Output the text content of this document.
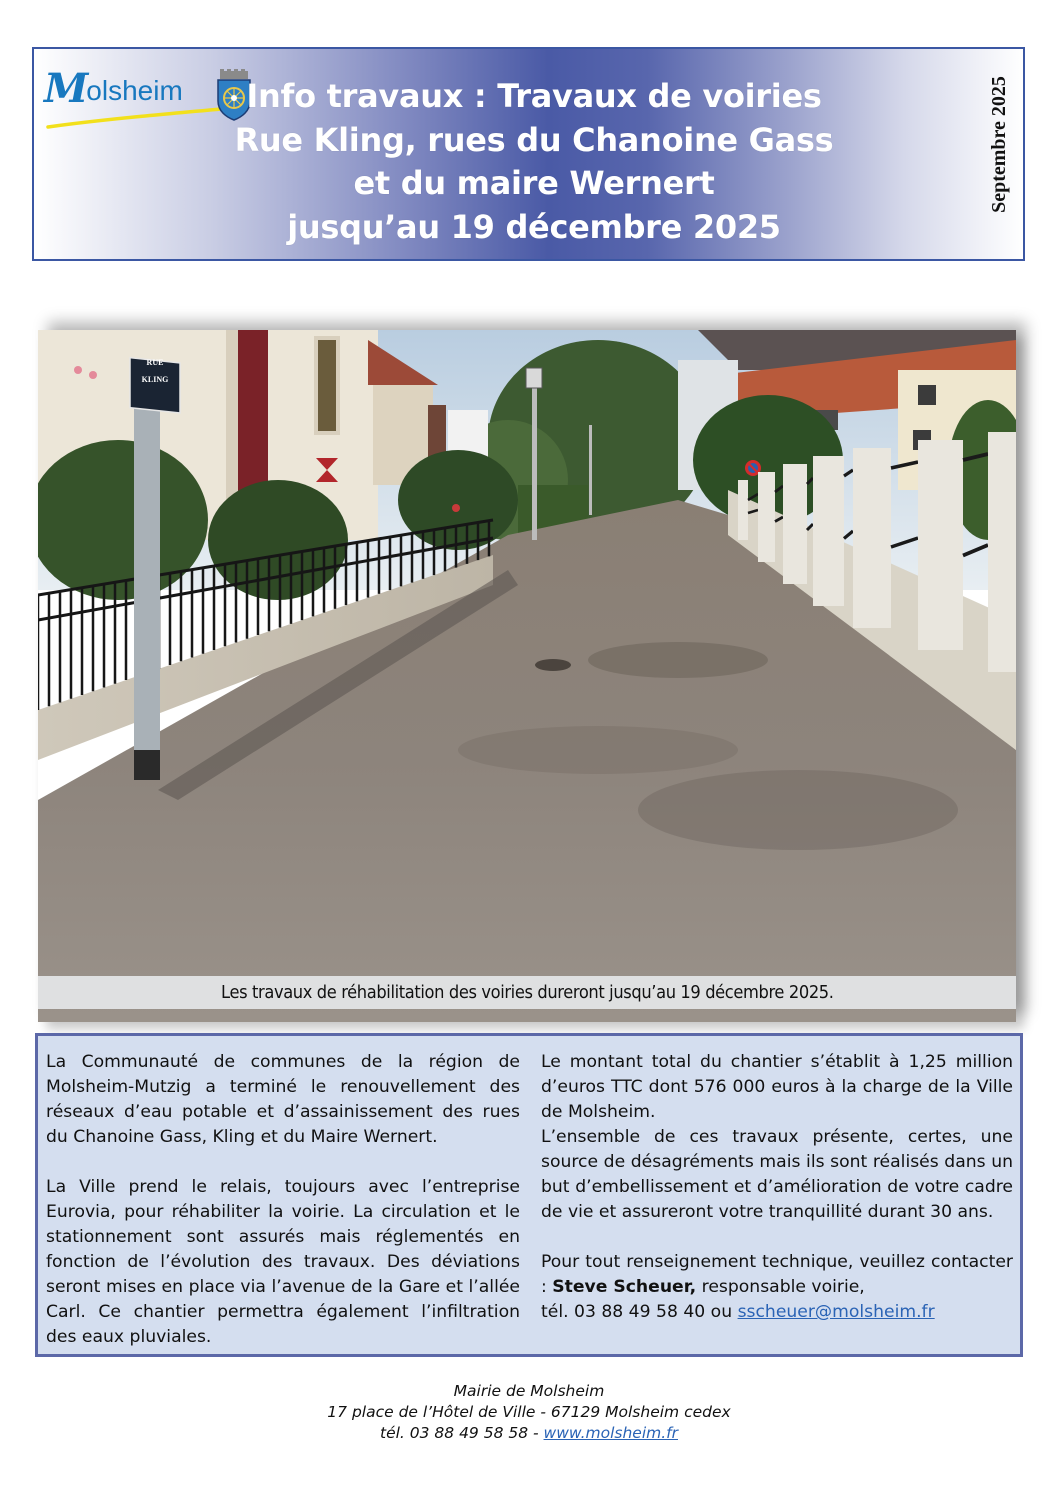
Molsheim	Info travaux : Travaux de voiries
Rue Kling, rues du Chanoine Gass
et du maire Wernert
jusqu’au 19 décembre 2025
Septembre 2025
RUE
KLING
Les travaux de réhabilitation des voiries dureront jusqu’au 19 décembre 2025.

La Communauté de communes de la région de Molsheim-Mutzig a terminé le renouvellement des réseaux d’eau potable et d’assainissement des rues du Chanoine Gass, Kling et du Maire Wernert.

La Ville prend le relais, toujours avec l’entreprise Eurovia, pour réhabiliter la voirie. La circulation et le stationnement sont assurés mais réglementés en fonction de l’évolution des travaux. Des déviations seront mises en place via l’avenue de la Gare et l’allée Carl. Ce chantier permettra également l’infiltration des eaux pluviales.

Le montant total du chantier s’établit à 1,25 million d’euros TTC dont 576 000 euros à la charge de la Ville de Molsheim.

L’ensemble de ces travaux présente, certes, une source de désagréments mais ils sont réalisés dans un but d’embellissement et d’amélioration de votre cadre de vie et assureront votre tranquillité durant 30 ans.

Pour tout renseignement technique, veuillez contacter : Steve Scheuer, responsable voirie,
tél. 03 88 49 58 40 ou sscheuer@molsheim.fr

Mairie de Molsheim
17 place de l’Hôtel de Ville - 67129 Molsheim cedex
tél. 03 88 49 58 58 - www.molsheim.fr
